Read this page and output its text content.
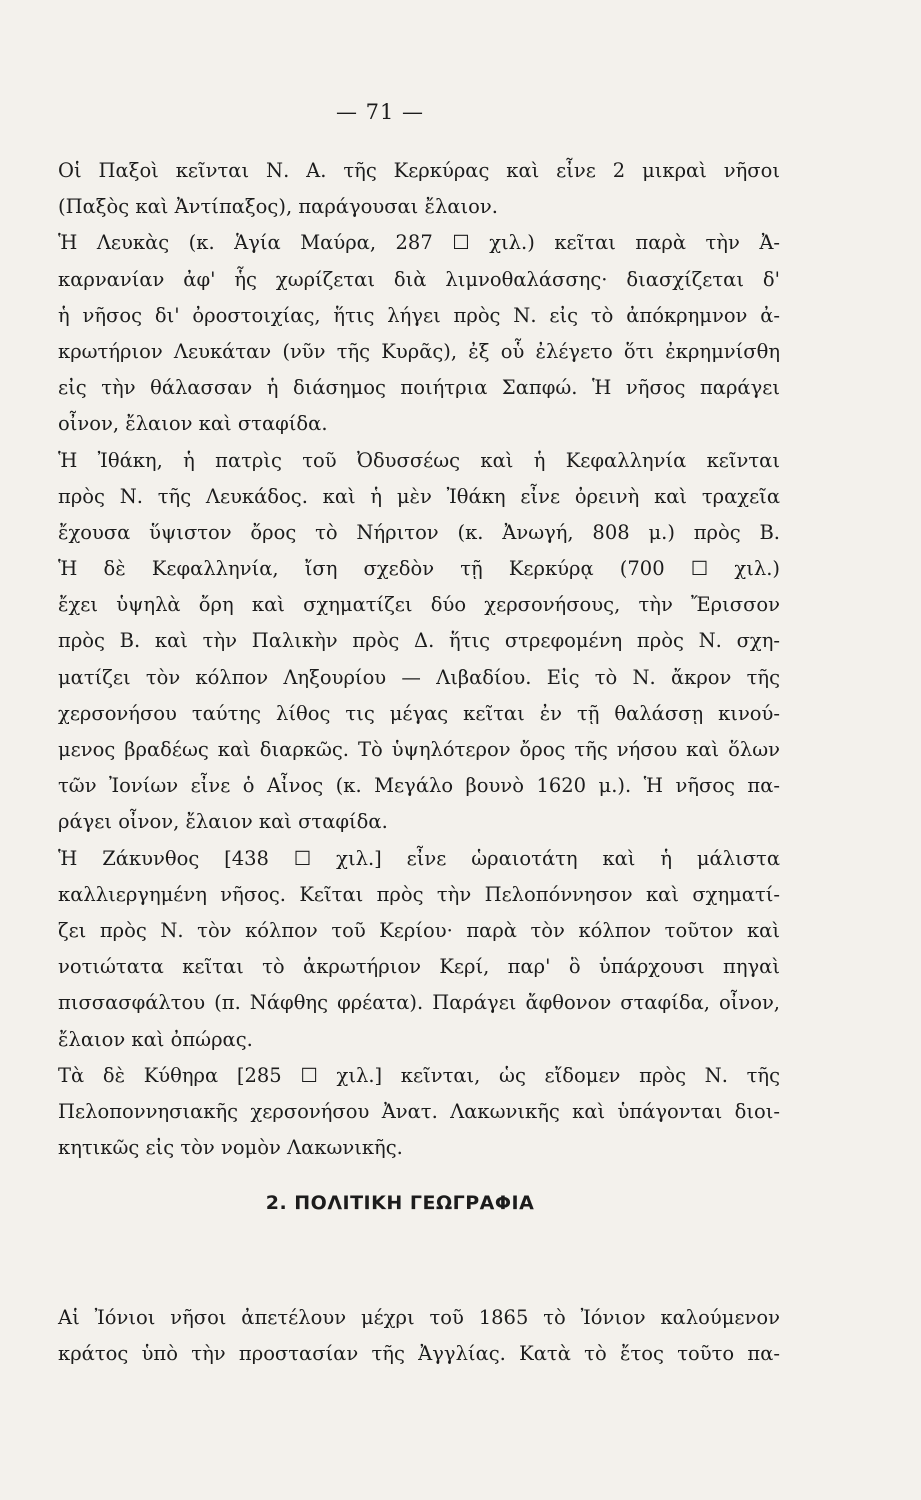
— 71 —
Οἱ Παξοὶ κεῖνται Ν. Α. τῆς Κερκύρας καὶ εἶνε 2 μικραὶ νῆσοι
(Παξὸς καὶ Ἀντίπαξος), παράγουσαι ἔλαιον.
Ἡ Λευκὰς (κ. Ἁγία Μαύρα, 287 ☐ χιλ.) κεῖται παρὰ τὴν Ἀ-
καρνανίαν ἀφ' ἧς χωρίζεται διὰ λιμνοθαλάσσης· διασχίζεται δ'
ἡ νῆσος δι' ὀροστοιχίας, ἥτις λήγει πρὸς Ν. εἰς τὸ ἀπόκρημνον ἀ-
κρωτήριον Λευκάταν (νῦν τῆς Κυρᾶς), ἐξ οὗ ἐλέγετο ὅτι ἐκρημνίσθη
εἰς τὴν θάλασσαν ἡ διάσημος ποιήτρια Σαπφώ. Ἡ νῆσος παράγει
οἶνον, ἔλαιον καὶ σταφίδα.
Ἡ Ἰθάκη, ἡ πατρὶς τοῦ Ὀδυσσέως καὶ ἡ Κεφαλληνία κεῖνται
πρὸς Ν. τῆς Λευκάδος. καὶ ἡ μὲν Ἰθάκη εἶνε ὀρεινὴ καὶ τραχεῖα
ἔχουσα ὕψιστον ὄρος τὸ Νήριτον (κ. Ἀνωγή, 808 μ.) πρὸς Β.
Ἡ δὲ Κεφαλληνία, ἴση σχεδὸν τῇ Κερκύρᾳ (700 ☐ χιλ.)
ἔχει ὑψηλὰ ὄρη καὶ σχηματίζει δύο χερσονήσους, τὴν Ἔρισσον
πρὸς Β. καὶ τὴν Παλικὴν πρὸς Δ. ἥτις στρεφομένη πρὸς Ν. σχη-
ματίζει τὸν κόλπον Ληξουρίου — Λιβαδίου. Εἰς τὸ Ν. ἄκρον τῆς
χερσονήσου ταύτης λίθος τις μέγας κεῖται ἐν τῇ θαλάσσῃ κινού-
μενος βραδέως καὶ διαρκῶς. Τὸ ὑψηλότερον ὄρος τῆς νήσου καὶ ὅλων
τῶν Ἰονίων εἶνε ὁ Αἶνος (κ. Μεγάλο βουνὸ 1620 μ.). Ἡ νῆσος πα-
ράγει οἶνον, ἔλαιον καὶ σταφίδα.
Ἡ Ζάκυνθος [438 ☐ χιλ.] εἶνε ὡραιοτάτη καὶ ἡ μάλιστα
καλλιεργημένη νῆσος. Κεῖται πρὸς τὴν Πελοπόννησον καὶ σχηματί-
ζει πρὸς Ν. τὸν κόλπον τοῦ Κερίου· παρὰ τὸν κόλπον τοῦτον καὶ
νοτιώτατα κεῖται τὸ ἀκρωτήριον Κερί, παρ' ὃ ὑπάρχουσι πηγαὶ
πισσασφάλτου (π. Νάφθης φρέατα). Παράγει ἄφθονον σταφίδα, οἶνον,
ἔλαιον καὶ ὀπώρας.
Τὰ δὲ Κύθηρα [285 ☐ χιλ.] κεῖνται, ὡς εἴδομεν πρὸς Ν. τῆς
Πελοποννησιακῆς χερσονήσου Ἀνατ. Λακωνικῆς καὶ ὑπάγονται διοι-
κητικῶς εἰς τὸν νομὸν Λακωνικῆς.
2. ΠΟΛΙΤΙΚΗ ΓΕΩΓΡΑΦΙΑ
Αἱ Ἰόνιοι νῆσοι ἀπετέλουν μέχρι τοῦ 1865 τὸ Ἰόνιον καλούμενον
κράτος ὑπὸ τὴν προστασίαν τῆς Ἀγγλίας. Κατὰ τὸ ἔτος τοῦτο πα-
